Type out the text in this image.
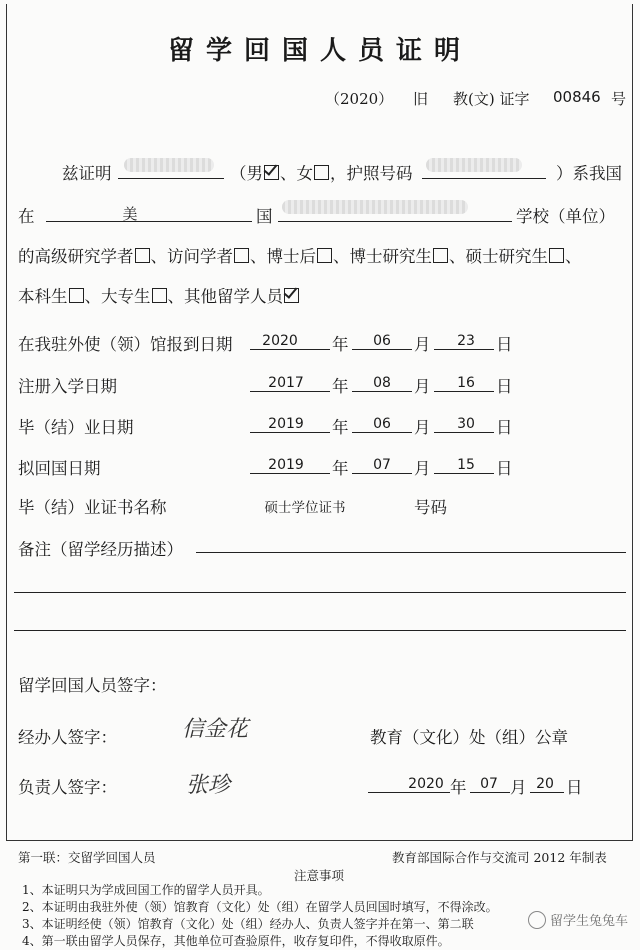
留学回国人员证明
（2020） 旧 教(文) 证字 00846 号
兹证明	（男 、女 ，护照号码	）系我国
在	美	国	学校（单位）
的高级研究学者 、访问学者 、博士后 、博士研究生 、硕士研究生 、
本科生 、大专生 、其他留学人员
在我驻外使（领）馆报到日期	2020	年	06	月	23	日
注册入学日期	2017	年	08	月	16	日
毕（结）业日期	2019	年	06	月	30	日
拟回国日期	2019	年	07	月	15	日
毕（结）业证书名称	硕士学位证书	号码
备注（留学经历描述）
留学回国人员签字：
经办人签字：	信金花	教育（文化）处（组）公章
负责人签字：	张珍	2020 年 07 月 20 日
第一联：交留学回国人员	教育部国际合作与交流司 2012 年制表
注意事项
1、本证明只为学成回国工作的留学人员开具。
2、本证明由我驻外使（领）馆教育（文化）处（组）在留学人员回国时填写，不得涂改。
3、本证明经使（领）馆教育（文化）处（组）经办人、负责人签字并在第一、第二联
4、第一联由留学人员保存，其他单位可查验原件，收存复印件，不得收取原件。
留学生兔兔车
